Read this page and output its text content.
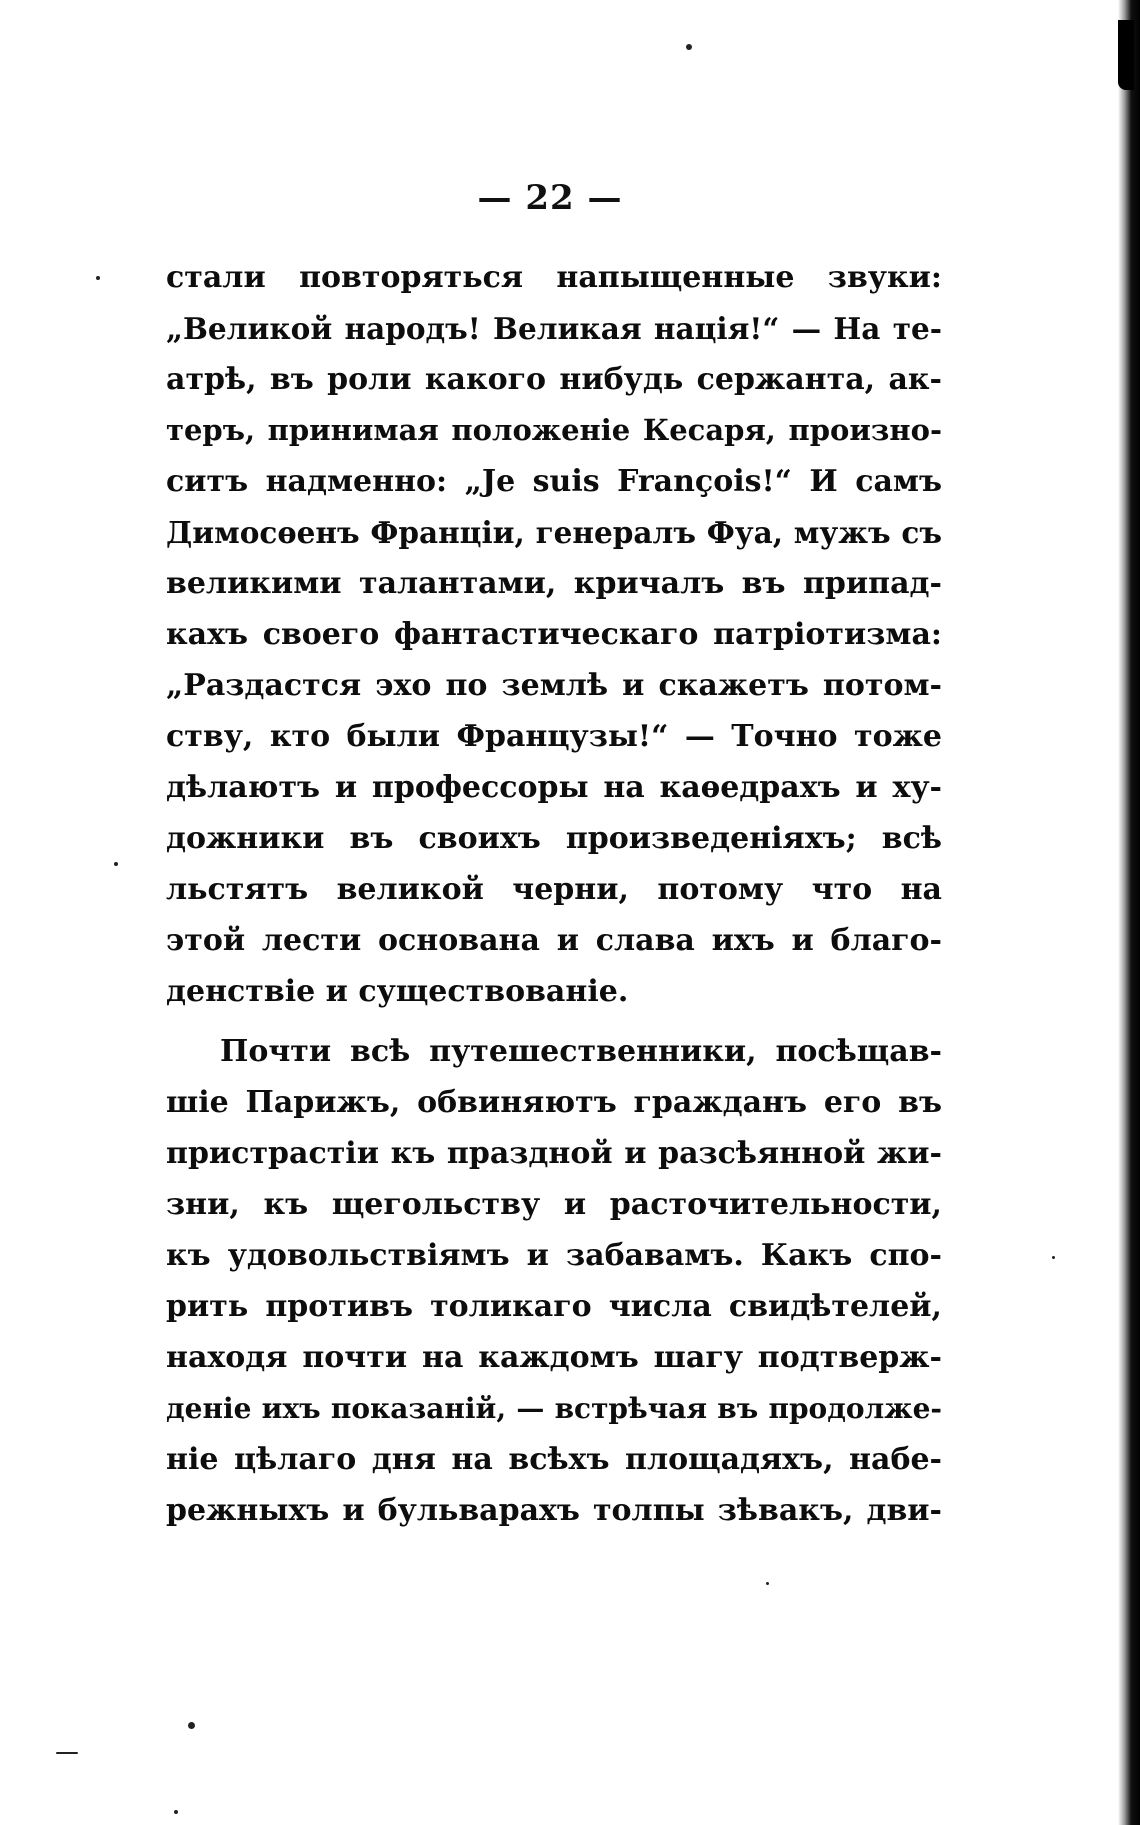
— 22 —
стали повторяться напыщенные звуки:
„Великой народъ! Великая нація!“ — На те-
атрѣ, въ роли какого нибудь сержанта, ак-
теръ, принимая положеніе Кесаря, произно-
ситъ надменно: „Je suis François!“ И самъ
Димосѳенъ Франціи, генералъ Фуа, мужъ съ
великими талантами, кричалъ въ припад-
кахъ своего фантастическаго патріотизма:
„Раздастся эхо по землѣ и скажетъ потом-
ству, кто были Французы!“ — Точно тоже
дѣлаютъ и профессоры на каѳедрахъ и ху-
дожники въ своихъ произведеніяхъ; всѣ
льстятъ великой черни, потому что на
этой лести основана и слава ихъ и благо-
денствіе и существованіе.
Почти всѣ путешественники, посѣщав-
шіе Парижъ, обвиняютъ гражданъ его въ
пристрастіи къ праздной и разсѣянной жи-
зни, къ щегольству и расточительности,
къ удовольствіямъ и забавамъ. Какъ спо-
рить противъ толикаго числа свидѣтелей,
находя почти на каждомъ шагу подтверж-
деніе ихъ показаній, — встрѣчая въ продолже-
ніе цѣлаго дня на всѣхъ площадяхъ, набе-
режныхъ и бульварахъ толпы зѣвакъ, дви-
